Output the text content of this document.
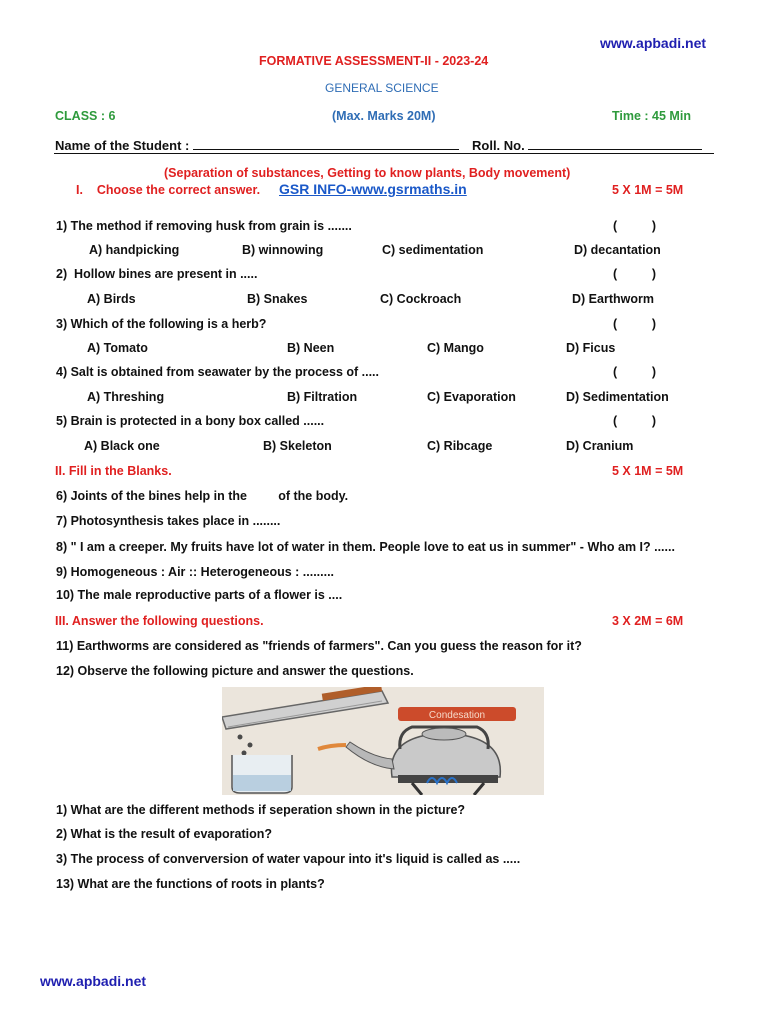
www.apbadi.net
www.apbadi.net
FORMATIVE ASSESSMENT-II - 2023-24
GENERAL SCIENCE
CLASS : 6	(Max. Marks 20M)	Time : 45 Min
Name of the Student :	Roll. No.
(Separation of substances, Getting to know plants, Body movement)
I.    Choose the correct answer. GSR INFO-www.gsrmaths.in	5 X 1M = 5M
1) The method if removing husk from grain is .......	(          )
A) handpicking	B) winnowing	C) sedimentation	D) decantation
2)  Hollow bines are present in .....	(          )
A) Birds	B) Snakes	C) Cockroach	D) Earthworm
3) Which of the following is a herb?	(          )
A) Tomato	B) Neen	C) Mango	D) Ficus
4) Salt is obtained from seawater by the process of .....	(          )
A) Threshing	B) Filtration	C) Evaporation	D) Sedimentation
5) Brain is protected in a bony box called ......	(          )
A) Black one	B) Skeleton	C) Ribcage	D) Cranium
II. Fill in the Blanks.	5 X 1M = 5M
6) Joints of the bines help in the         of the body.
7) Photosynthesis takes place in ........
8) " I am a creeper. My fruits have lot of water in them. People love to eat us in summer" - Who am I? ......
9) Homogeneous : Air :: Heterogeneous : .........
10) The male reproductive parts of a flower is ....
III. Answer the following questions.	3 X 2M = 6M
11) Earthworms are considered as "friends of farmers". Can you guess the reason for it?
12) Observe the following picture and answer the questions.
Condesation
1) What are the different methods if seperation shown in the picture?
2) What is the result of evaporation?
3) The process of converversion of water vapour into it's liquid is called as .....
13) What are the functions of roots in plants?
